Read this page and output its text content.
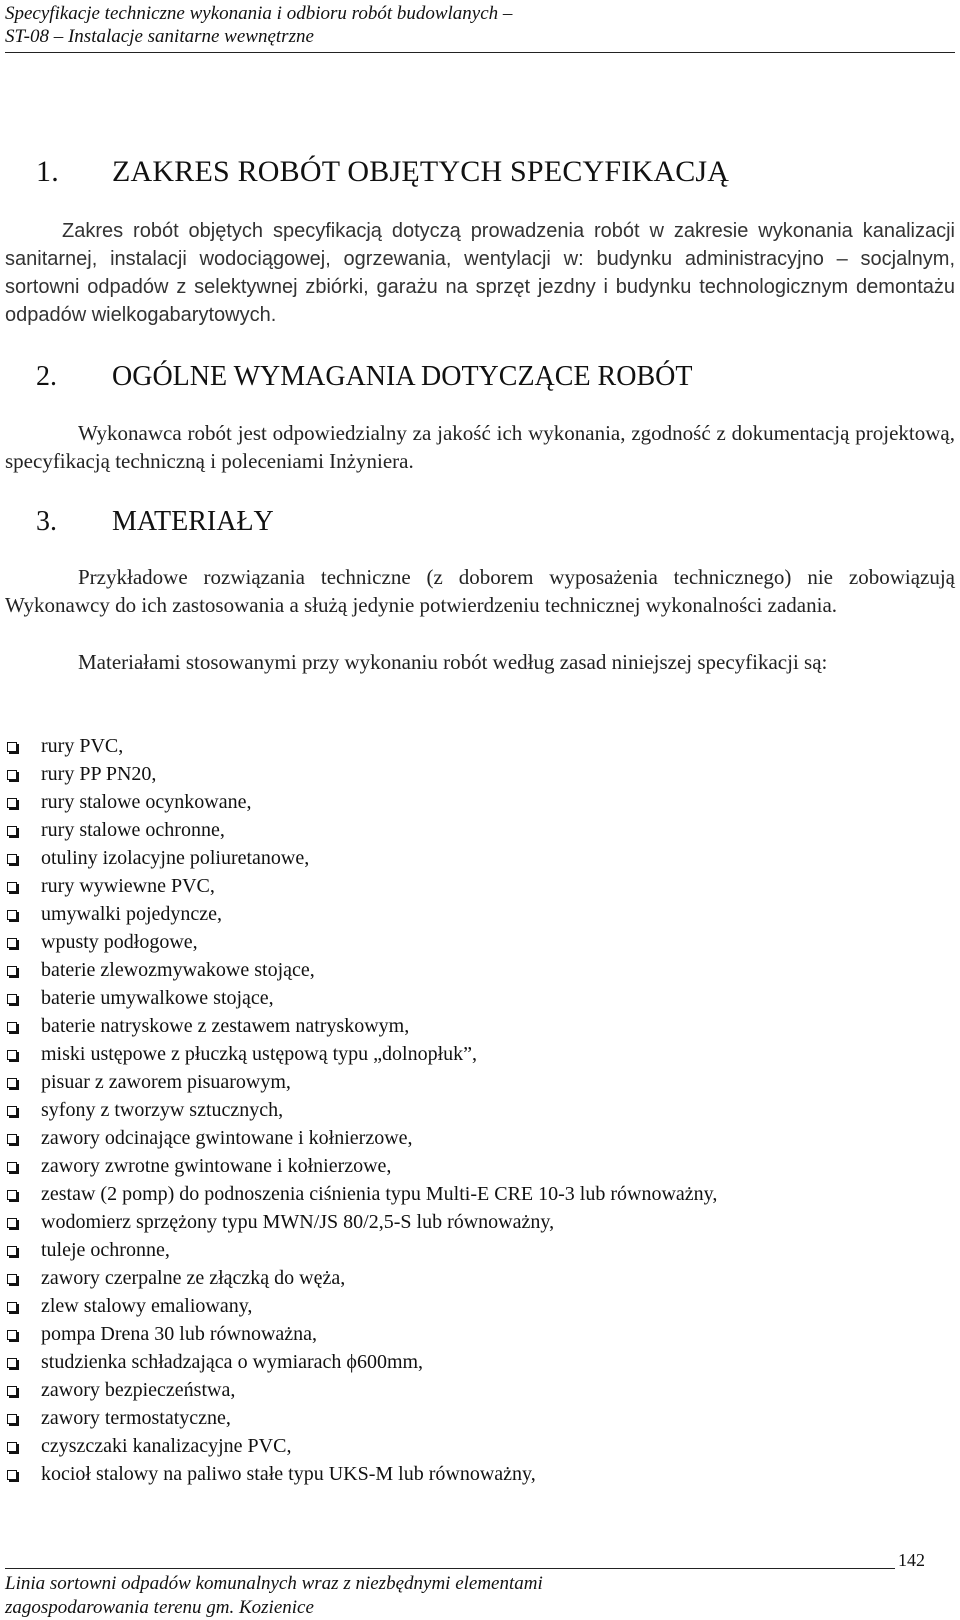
Specyfikacje techniczne wykonania i odbioru robót budowlanych –
ST-08 – Instalacje sanitarne wewnętrzne
1. ZAKRES ROBÓT OBJĘTYCH SPECYFIKACJĄ
Zakres robót objętych specyfikacją dotyczą prowadzenia robót w zakresie wykonania kanalizacji sanitarnej, instalacji wodociągowej, ogrzewania, wentylacji w: budynku administracyjno – socjalnym, sortowni odpadów z selektywnej zbiórki, garażu na sprzęt jezdny i budynku technologicznym demontażu odpadów wielkogabarytowych.
2. OGÓLNE WYMAGANIA DOTYCZĄCE ROBÓT
Wykonawca robót jest odpowiedzialny za jakość ich wykonania, zgodność z dokumentacją projektową, specyfikacją techniczną i poleceniami Inżyniera.
3. MATERIAŁY
Przykładowe rozwiązania techniczne (z doborem wyposażenia technicznego) nie zobowiązują Wykonawcy do ich zastosowania a służą jedynie potwierdzeniu technicznej wykonalności zadania.
Materiałami stosowanymi przy wykonaniu robót według zasad niniejszej specyfikacji są:
rury PVC,
rury PP PN20,
rury stalowe ocynkowane,
rury stalowe ochronne,
otuliny izolacyjne poliuretanowe,
rury wywiewne PVC,
umywalki pojedyncze,
wpusty podłogowe,
baterie zlewozmywakowe stojące,
baterie umywalkowe stojące,
baterie natryskowe z zestawem natryskowym,
miski ustępowe z płuczką ustępową typu „dolnopłuk”,
pisuar z zaworem pisuarowym,
syfony z tworzyw sztucznych,
zawory odcinające gwintowane i kołnierzowe,
zawory zwrotne gwintowane i kołnierzowe,
zestaw (2 pomp) do podnoszenia ciśnienia typu Multi-E CRE 10-3 lub równoważny,
wodomierz sprzężony typu MWN/JS 80/2,5-S lub równoważny,
tuleje ochronne,
zawory czerpalne ze złączką do węża,
zlew stalowy emaliowany,
pompa Drena 30 lub równoważna,
studzienka schładzająca o wymiarach ϕ600mm,
zawory bezpieczeństwa,
zawory termostatyczne,
czyszczaki kanalizacyjne PVC,
kocioł stalowy na paliwo stałe typu UKS-M lub równoważny,
Linia sortowni odpadów komunalnych wraz z niezbędnymi elementami
zagospodarowania terenu gm. Kozienice
142
